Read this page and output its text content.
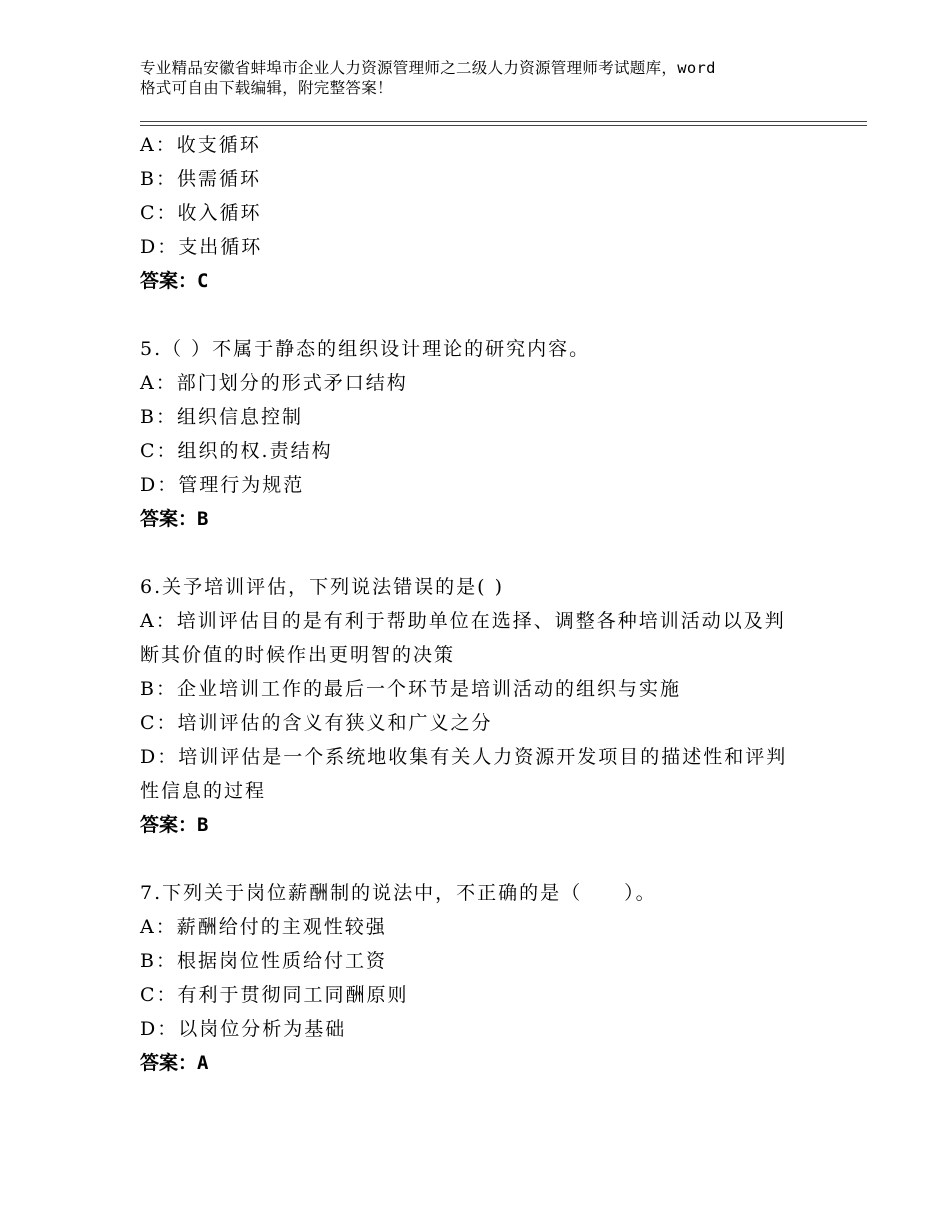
专业精品安徽省蚌埠市企业人力资源管理师之二级人力资源管理师考试题库，word
格式可自由下载编辑，附完整答案！
A：收支循环
B：供需循环
C：收入循环
D：支出循环
答案：C
5.（ ）不属于静态的组织设计理论的研究内容。
A：部门划分的形式矛口结构
B：组织信息控制
C：组织的权.责结构
D：管理行为规范
答案：B
6.关予培训评估，下列说法错误的是( )
A：培训评估目的是有利于帮助单位在选择、调整各种培训活动以及判
断其价值的时候作出更明智的决策
B：企业培训工作的最后一个环节是培训活动的组织与实施
C：培训评估的含义有狭义和广义之分
D：培训评估是一个系统地收集有关人力资源开发项目的描述性和评判
性信息的过程
答案：B
7.下列关于岗位薪酬制的说法中，不正确的是（　　）。
A：薪酬给付的主观性较强
B：根据岗位性质给付工资
C：有利于贯彻同工同酬原则
D：以岗位分析为基础
答案：A
